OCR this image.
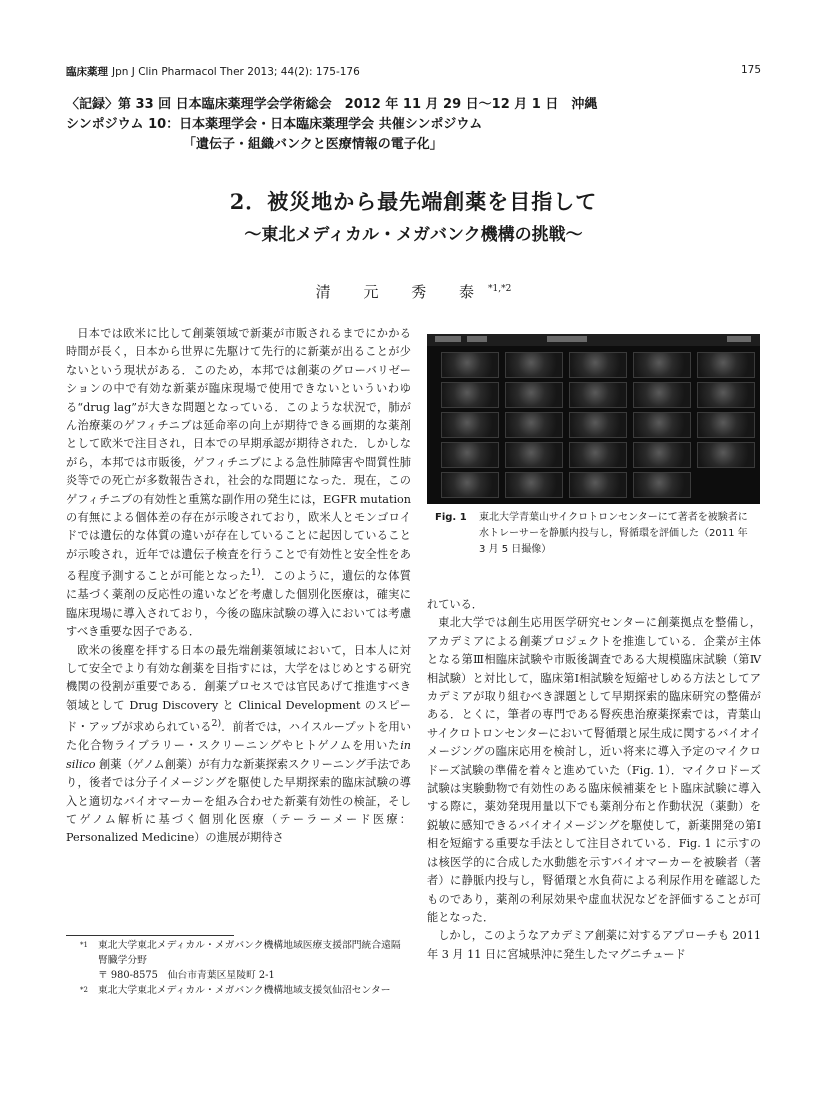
臨床薬理 Jpn J Clin Pharmacol Ther 2013; 44(2): 175-176	175
〈記録〉第 33 回 日本臨床薬理学会学術総会　2012 年 11 月 29 日〜12 月 1 日　沖縄
シンポジウム 10：日本薬理学会・日本臨床薬理学会 共催シンポジウム
「遺伝子・組織バンクと医療情報の電子化」
2．被災地から最先端創薬を目指して
〜東北メディカル・メガバンク機構の挑戦〜
清 元 秀 泰$^{*1,*2}$

日本では欧米に比して創薬領域で新薬が市販されるまでにかかる時間が長く，日本から世界に先駆けて先行的に新薬が出ることが少ないという現状がある．このため，本邦では創薬のグローバリゼーションの中で有効な新薬が臨床現場で使用できないといういわゆる“drug lag”が大きな問題となっている．このような状況で，肺がん治療薬のゲフィチニブは延命率の向上が期待できる画期的な薬剤として欧米で注目され，日本での早期承認が期待された．しかしながら，本邦では市販後，ゲフィチニブによる急性肺障害や間質性肺炎等での死亡が多数報告され，社会的な問題になった．現在，このゲフィチニブの有効性と重篤な副作用の発生には，EGFR mutation の有無による個体差の存在が示唆されており，欧米人とモンゴロイドでは遺伝的な体質の違いが存在していることに起因していることが示唆され，近年では遺伝子検査を行うことで有効性と安全性をある程度予測することが可能となった$^{1)}$．このように，遺伝的な体質に基づく薬剤の反応性の違いなどを考慮した個別化医療は，確実に臨床現場に導入されており，今後の臨床試験の導入においては考慮すべき重要な因子である．

欧米の後塵を拝する日本の最先端創薬領域において，日本人に対して安全でより有効な創薬を目指すには，大学をはじめとする研究機関の役割が重要である．創薬プロセスでは官民あげて推進すべき領域として Drug Discovery と Clinical Development のスピード・アップが求められている$^{2)}$．前者では，ハイスループットを用いた化合物ライブラリー・スクリーニングやヒトゲノムを用いたin silico 創薬（ゲノム創薬）が有力な新薬探索スクリーニング手法であり，後者では分子イメージングを駆使した早期探索的臨床試験の導入と適切なバイオマーカーを組み合わせた新薬有効性の検証，そしてゲノム解析に基づく個別化医療（テーラーメード医療：Personalized Medicine）の進展が期待さ

Fig. 1 東北大学青葉山サイクロトロンセンターにて著者を被験者に水トレーサーを静脈内投与し，腎循環を評価した（2011 年 3 月 5 日撮像）

れている．

東北大学では創生応用医学研究センターに創薬拠点を整備し，アカデミアによる創薬プロジェクトを推進している．企業が主体となる第Ⅲ相臨床試験や市販後調査である大規模臨床試験（第Ⅳ相試験）と対比して，臨床第Ⅰ相試験を短縮せしめる方法としてアカデミアが取り組むべき課題として早期探索的臨床研究の整備がある．とくに，筆者の専門である腎疾患治療薬探索では，青葉山サイクロトロンセンターにおいて腎循環と尿生成に関するバイオイメージングの臨床応用を検討し，近い将来に導入予定のマイクロドーズ試験の準備を着々と進めていた（Fig. 1）．マイクロドーズ試験は実験動物で有効性のある臨床候補薬をヒト臨床試験に導入する際に，薬効発現用量以下でも薬剤分布と作動状況（薬動）を鋭敏に感知できるバイオイメージングを駆使して，新薬開発の第Ⅰ相を短縮する重要な手法として注目されている．Fig. 1 に示すのは核医学的に合成した水動態を示すバイオマーカーを被験者（著者）に静脈内投与し，腎循環と水負荷による利尿作用を確認したものであり，薬剤の利尿効果や虚血状況などを評価することが可能となった．

しかし，このようなアカデミア創薬に対するアプローチも 2011 年 3 月 11 日に宮城県沖に発生したマグニチュード

*1 東北大学東北メディカル・メガバンク機構地域医療支援部門統合遠隔腎臓学分野
〒 980-8575　仙台市青葉区星陵町 2-1
*2 東北大学東北メディカル・メガバンク機構地域支援気仙沼センター
